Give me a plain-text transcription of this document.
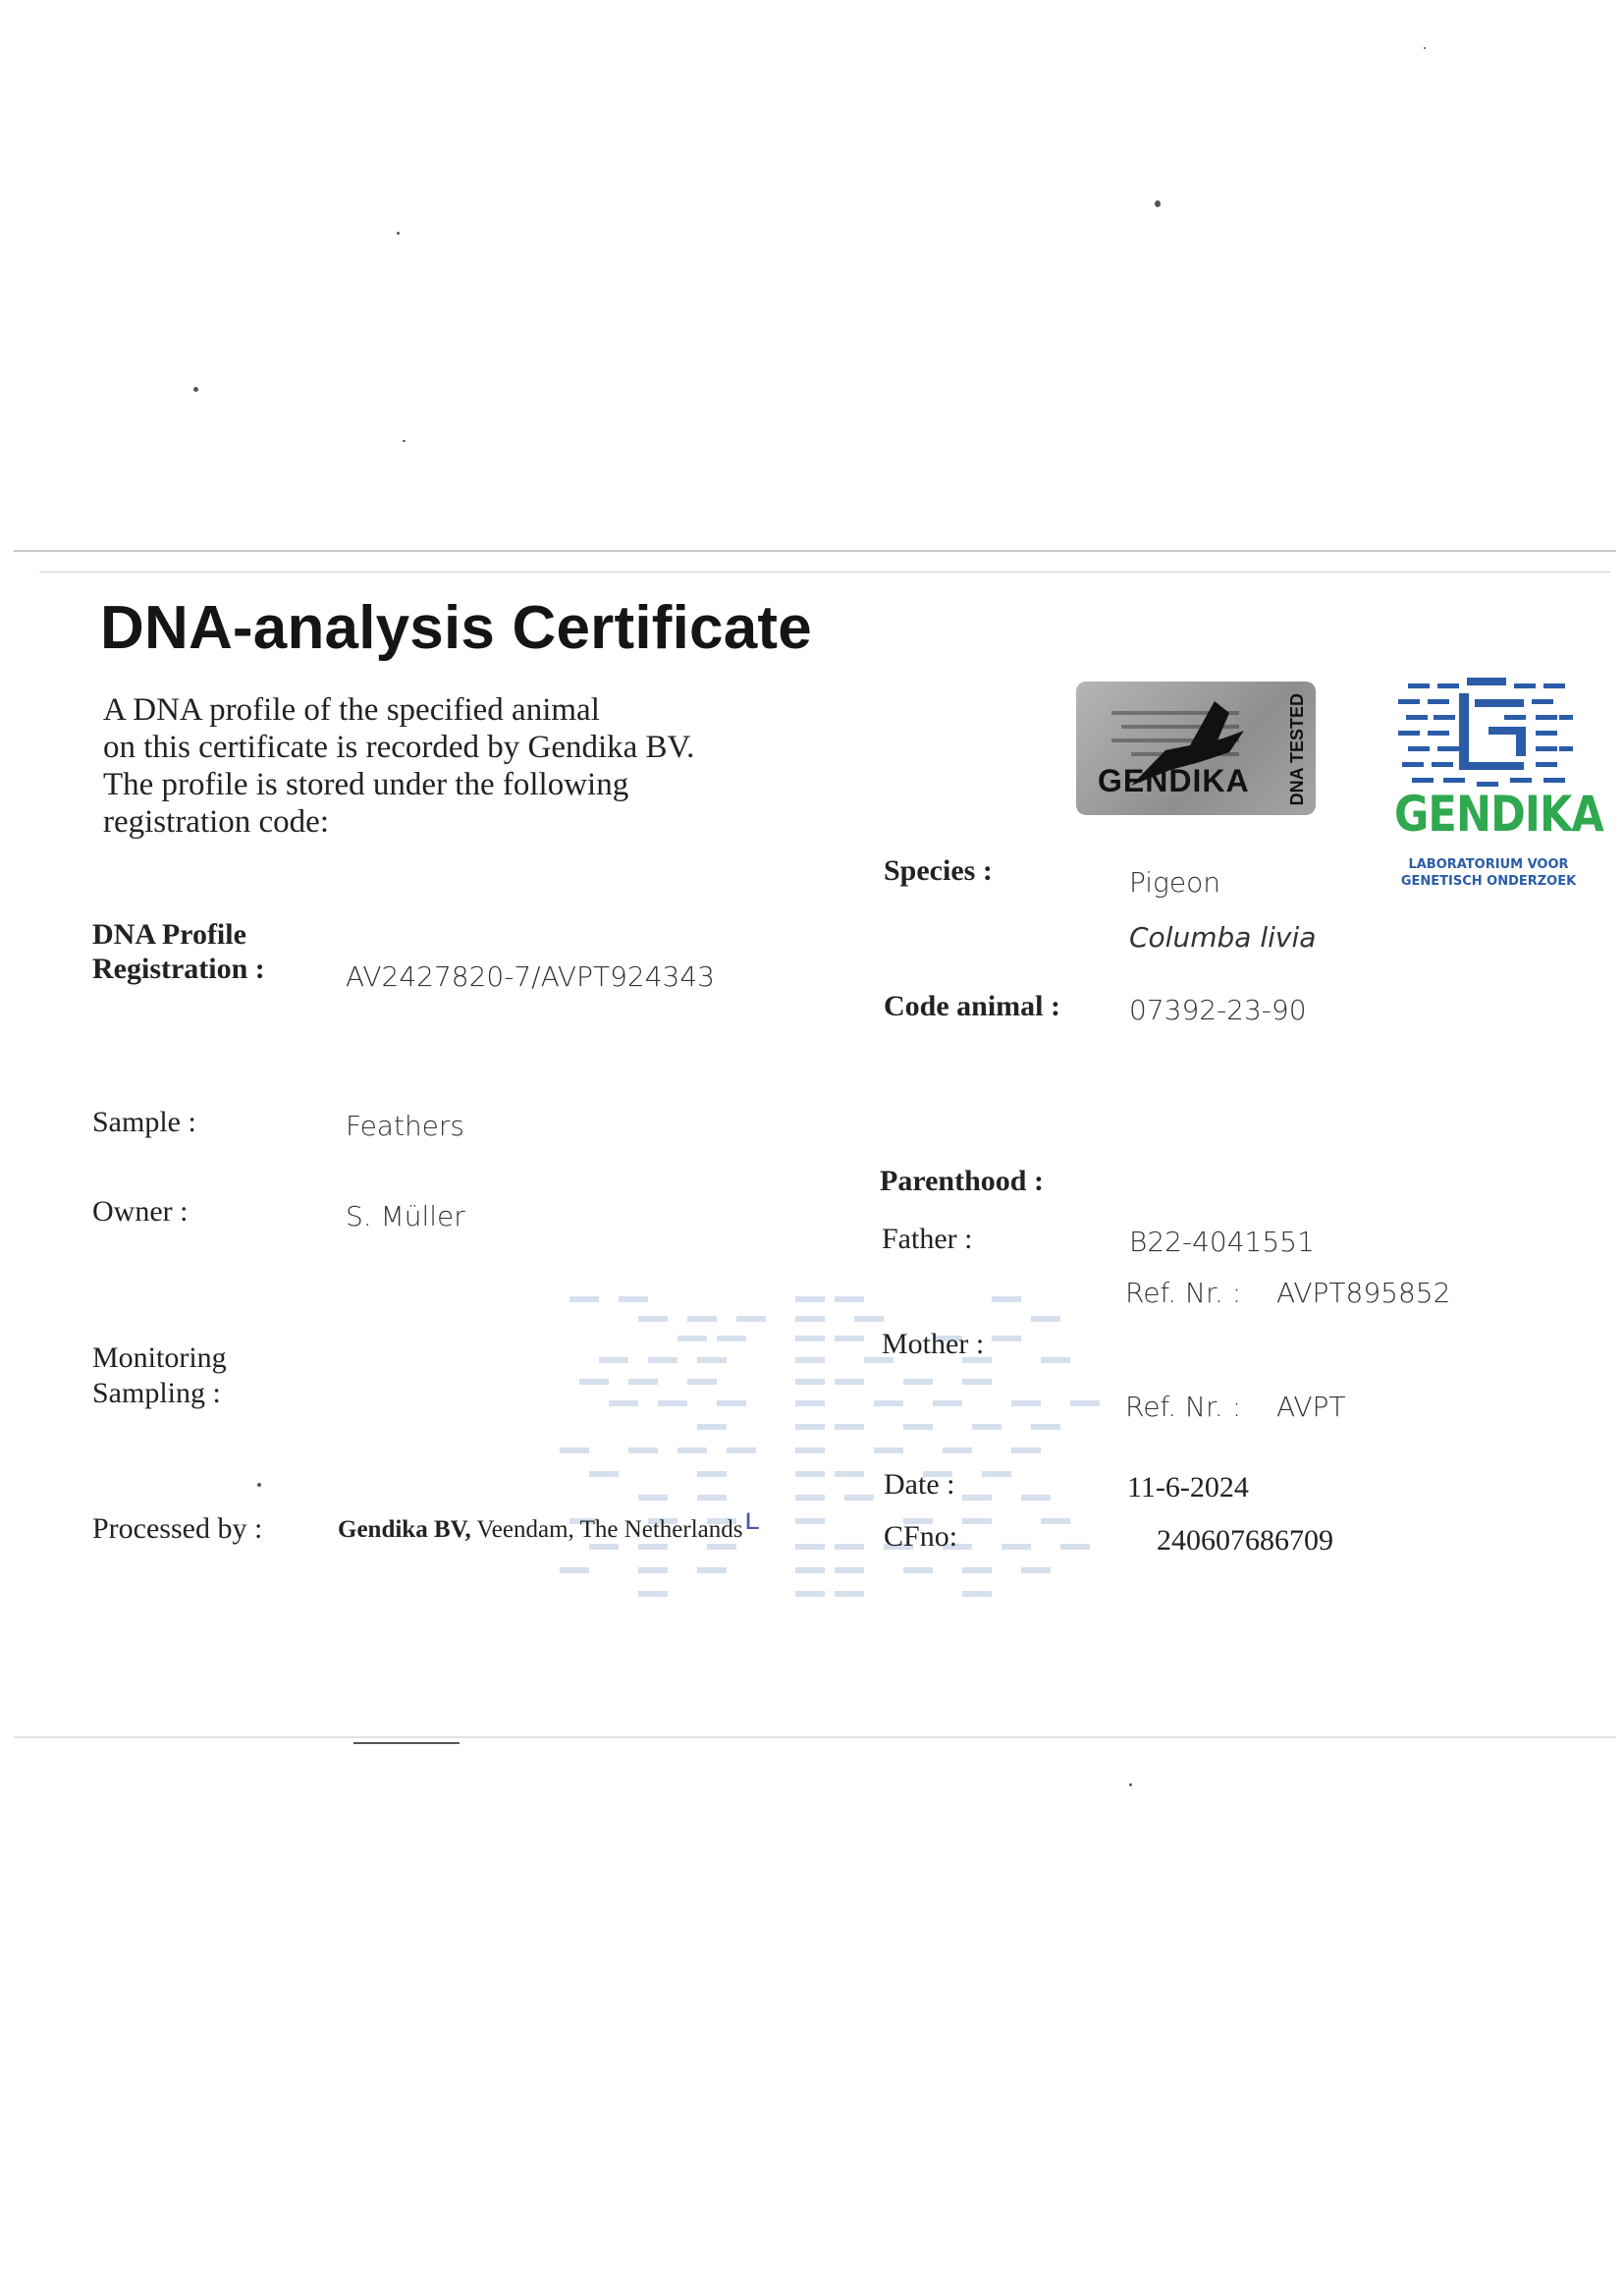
DNA-analysis Certificate
A DNA profile of the specified animal
on this certificate is recorded by Gendika BV.
The profile is stored under the following
registration code:
GENDIKA DNA TESTED
GENDIKA
LABORATORIUM VOOR
GENETISCH ONDERZOEK
DNA Profile
Registration :	AV2427820-7/AVPT924343
Sample :	Feathers
Owner :	S. Müller
Monitoring
Sampling :
Processed by :	Gendika BV, Veendam, The Netherlands ʟ
Species :	Pigeon
Columba livia
Code animal :	07392-23-90
Parenthood :
Father :	B22-4041551
Ref. Nr. : AVPT895852
Mother :
Ref. Nr. : AVPT
Date :	11-6-2024
CFno:	240607686709
